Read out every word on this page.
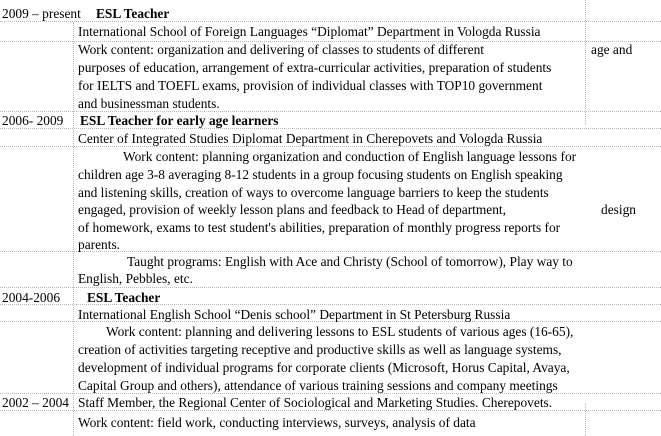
2009 – present ESL Teacher
International School of Foreign Languages “Diplomat” Department in Vologda Russia
Work content: organization and delivering of classes to students of different	age and
purposes of education, arrangement of extra-curricular activities, preparation of students
for IELTS and TOEFL exams, provision of individual classes with TOP10 government
and businessman students.
2006- 2009 ESL Teacher for early age learners
Center of Integrated Studies Diplomat Department in Cherepovets and Vologda Russia
Work content: planning organization and conduction of English language lessons for
children age 3-8 averaging 8-12 students in a group focusing students on English speaking
and listening skills, creation of ways to overcome language barriers to keep the students
engaged, provision of weekly lesson plans and feedback to Head of department,	design
of homework, exams to test student's abilities, preparation of monthly progress reports for
parents.
Taught programs: English with Ace and Christy (School of tomorrow), Play way to
English, Pebbles, etc.
2004-2006 ESL Teacher
International English School “Denis school” Department in St Petersburg Russia
Work content: planning and delivering lessons to ESL students of various ages (16-65),
creation of activities targeting receptive and productive skills as well as language systems,
development of individual programs for corporate clients (Microsoft, Horus Capital, Avaya,
Capital Group and others), attendance of various training sessions and company meetings
2002 – 2004 Staff Member, the Regional Center of Sociological and Marketing Studies. Cherepovets.
Work content: field work, conducting interviews, surveys, analysis of data
